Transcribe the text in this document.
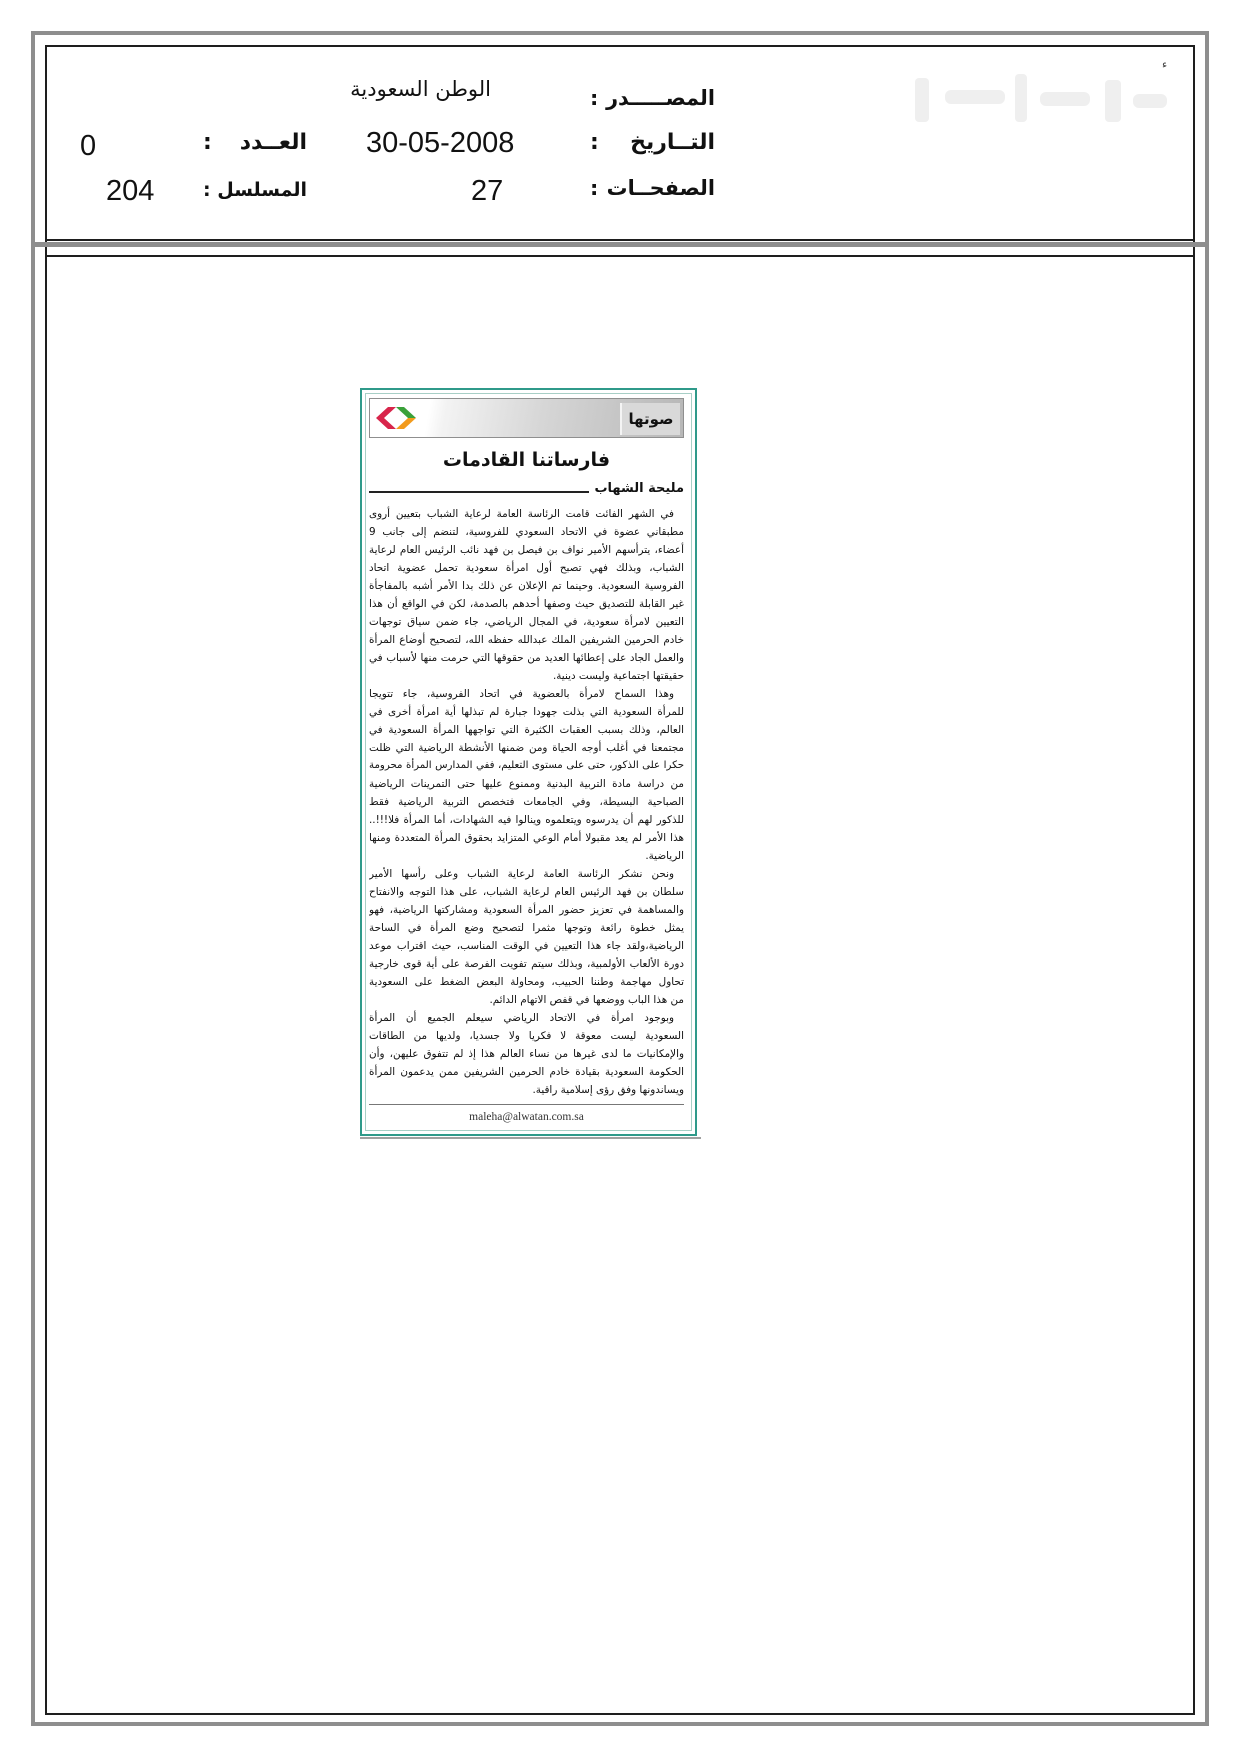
ء
المصـــــدر :
الوطن السعودية
التــاريخ :
30-05-2008
الصفحــات :
27
العــدد :
0
المسلسل :
204
صوتها
فارساتنا القادمات
مليحة الشهاب
في الشهر الفائت قامت الرئاسة العامة لرعاية الشباب بتعيين أروى
مطبقاني عضوة في الاتحاد السعودي للفروسية، لتنضم إلى جانب 9
أعضاء، يترأسهم الأمير نواف بن فيصل بن فهد نائب الرئيس العام لرعاية
الشباب، وبذلك فهي تصبح أول امرأة سعودية تحمل عضوية اتحاد
الفروسية السعودية. وحينما تم الإعلان عن ذلك بدا الأمر أشبه بالمفاجأة
غير القابلة للتصديق حيث وصفها أحدهم بالصدمة، لكن في الواقع أن هذا
التعيين لامرأة سعودية، في المجال الرياضي، جاء ضمن سياق توجهات
خادم الحرمين الشريفين الملك عبدالله حفظه الله، لتصحيح أوضاع المرأة
والعمل الجاد على إعطائها العديد من حقوقها التي حرمت منها لأسباب في
حقيقتها اجتماعية وليست دينية.
وهذا السماح لامرأة بالعضوية في اتحاد الفروسية، جاء تتويجا
للمرأة السعودية التي بذلت جهودا جبارة لم تبذلها أية امرأة أخرى في
العالم، وذلك بسبب العقبات الكثيرة التي تواجهها المرأة السعودية في
مجتمعنا في أغلب أوجه الحياة ومن ضمنها الأنشطة الرياضية التي ظلت
حكرا على الذكور، حتى على مستوى التعليم، ففي المدارس المرأة محرومة
من دراسة مادة التربية البدنية وممنوع عليها حتى التمرينات الرياضية
الصباحية البسيطة، وفي الجامعات فتخصص التربية الرياضية فقط
للذكور لهم أن يدرسوه ويتعلموه وينالوا فيه الشهادات، أما المرأة فلا!!!..
هذا الأمر لم يعد مقبولا أمام الوعي المتزايد بحقوق المرأة المتعددة ومنها
الرياضية.
ونحن نشكر الرئاسة العامة لرعاية الشباب وعلى رأسها الأمير
سلطان بن فهد الرئيس العام لرعاية الشباب، على هذا التوجه والانفتاح
والمساهمة في تعزيز حضور المرأة السعودية ومشاركتها الرياضية، فهو
يمثل خطوة رائعة وتوجها مثمرا لتصحيح وضع المرأة في الساحة
الرياضية،ولقد جاء هذا التعيين في الوقت المناسب، حيث اقتراب موعد
دورة الألعاب الأولمبية، وبذلك سيتم تفويت الفرصة على أية قوى خارجية
تحاول مهاجمة وطننا الحبيب، ومحاولة البعض الضغط على السعودية
من هذا الباب ووضعها في قفص الاتهام الدائم.
وبوجود امرأة في الاتحاد الرياضي سيعلم الجميع أن المرأة
السعودية ليست معوقة لا فكريا ولا جسديا، ولديها من الطاقات
والإمكانيات ما لدى غيرها من نساء العالم هذا إذ لم تتفوق عليهن، وأن
الحكومة السعودية بقيادة خادم الحرمين الشريفين ممن يدعمون المرأة
ويساندونها وفق رؤى إسلامية راقية.
maleha@alwatan.com.sa
